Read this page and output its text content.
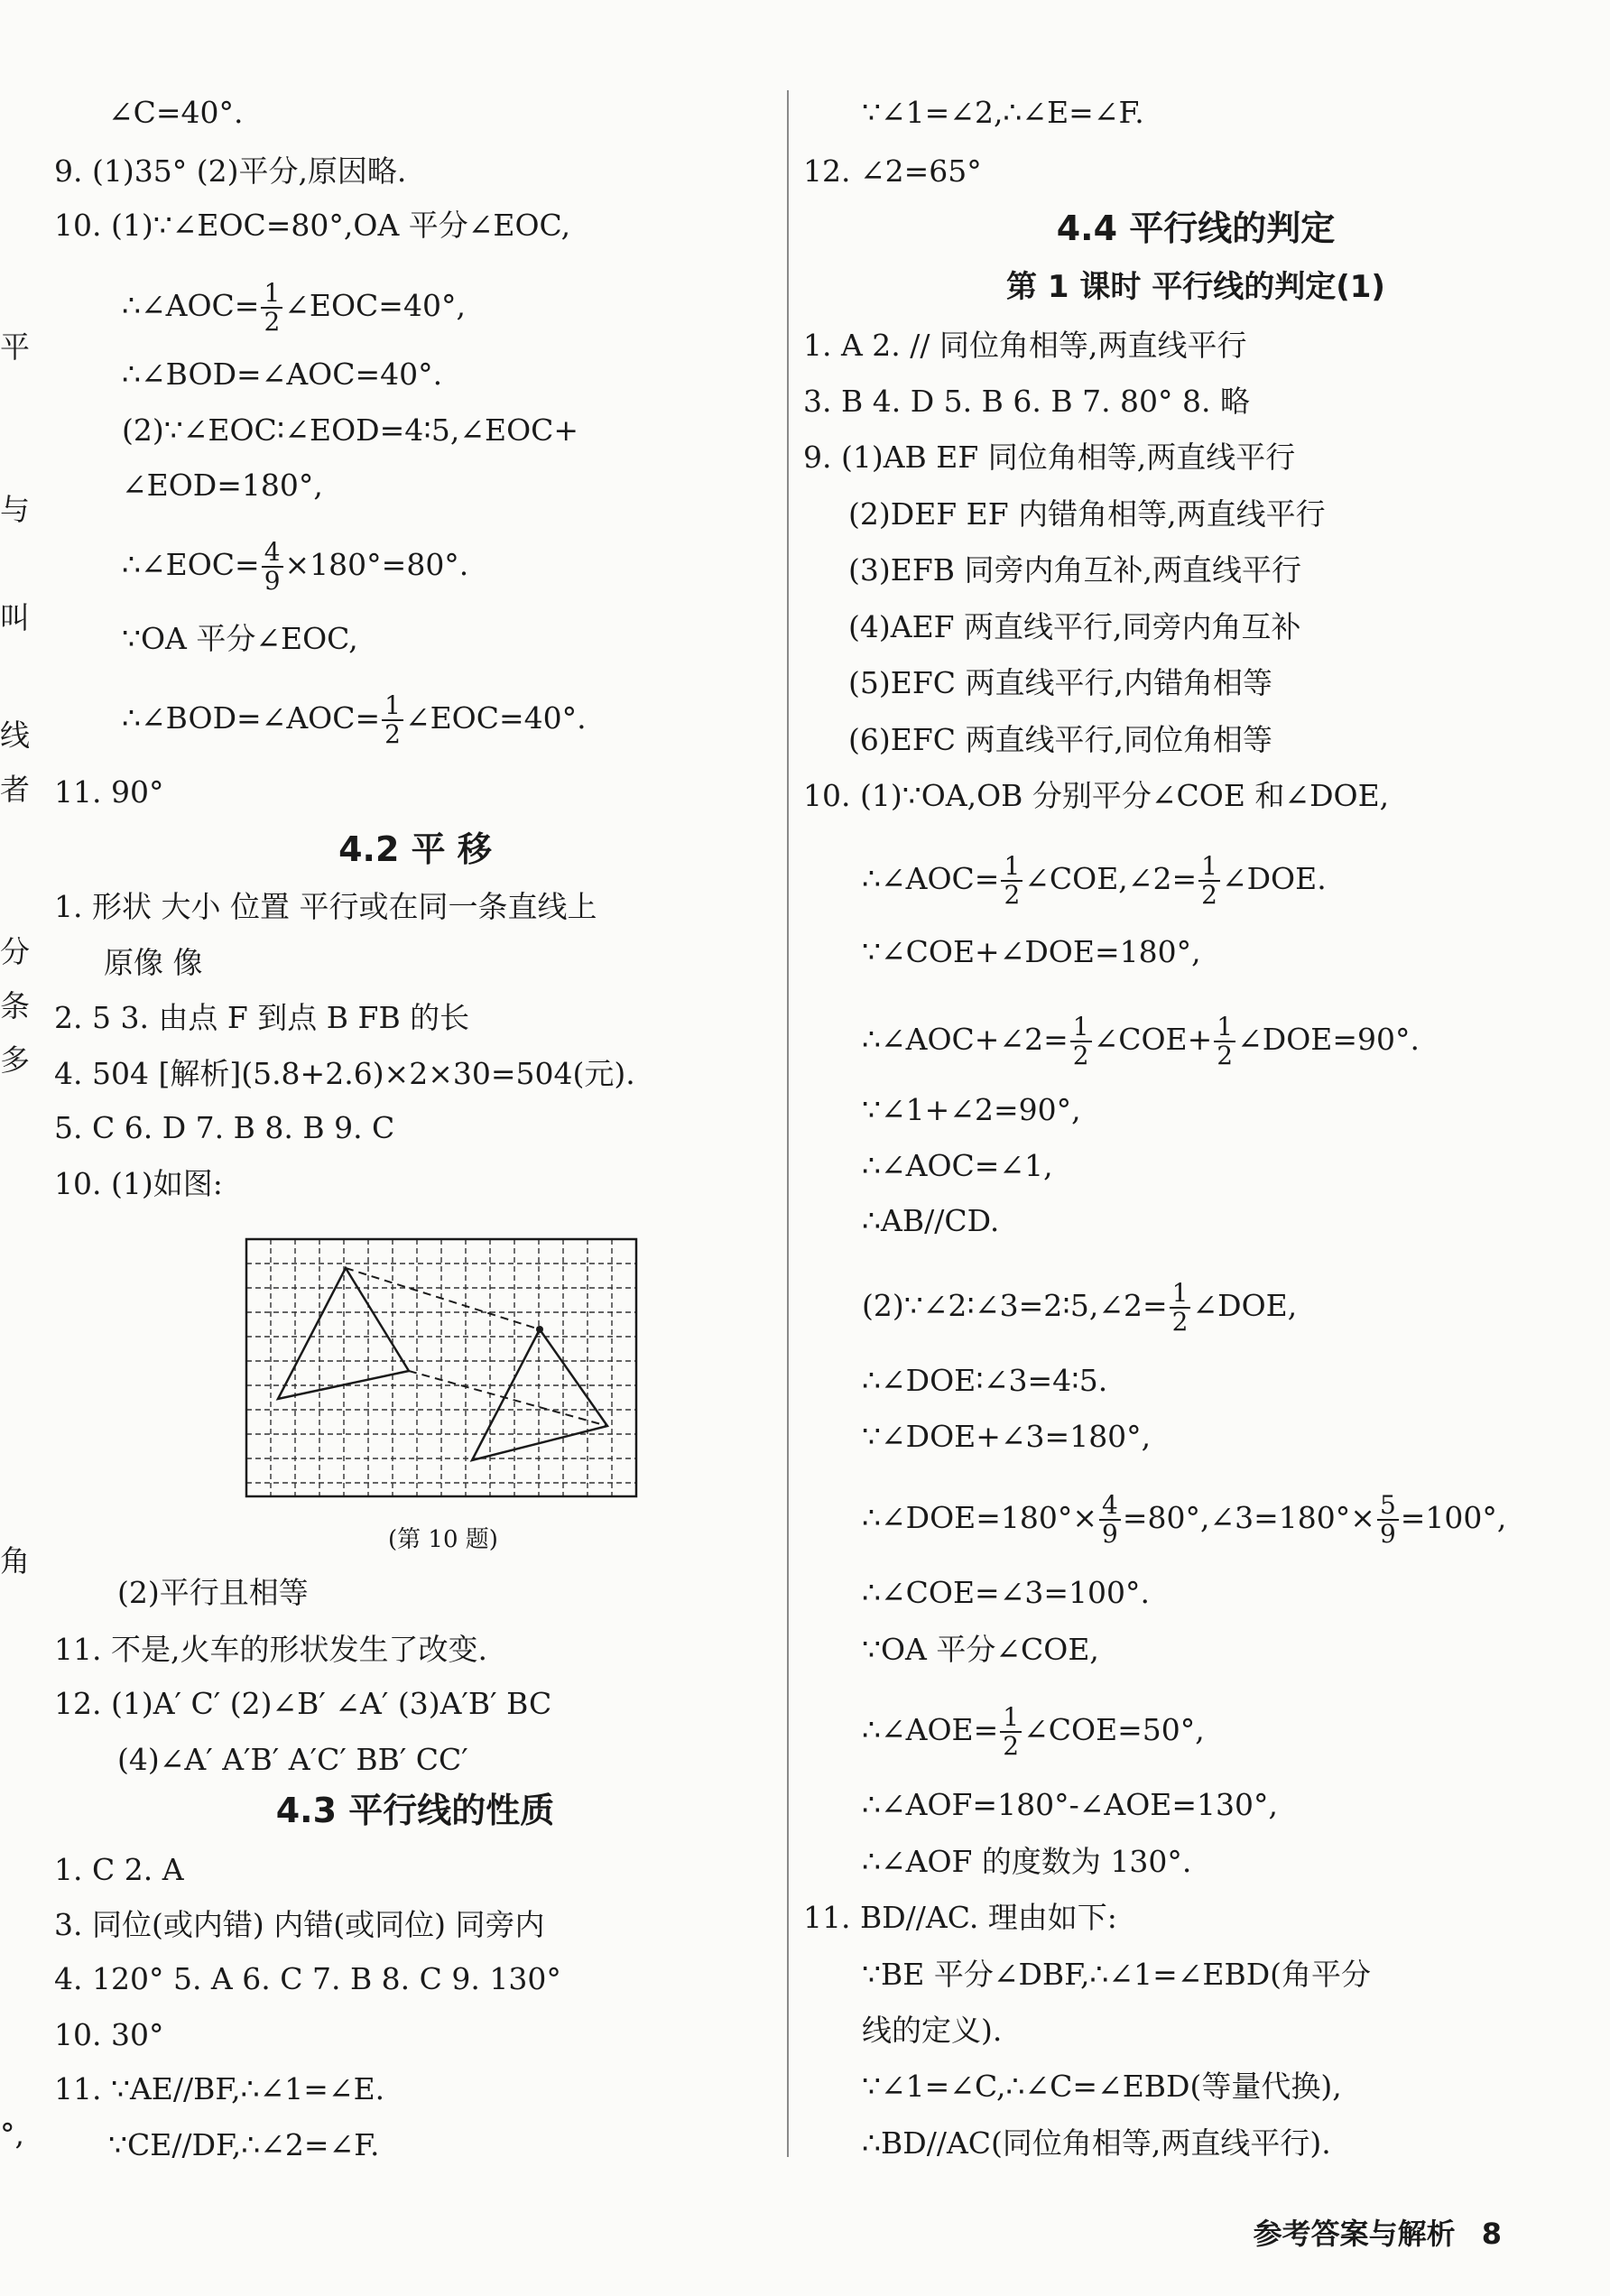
平
与
叫
线
者
分
条
多
角
°,
∠C=40°.
9. (1)35° (2)平分,原因略.
10. (1)∵∠EOC=80°,OA 平分∠EOC,
∴∠AOC= $\frac{1}{2}$ ∠EOC=40°,
∴∠BOD=∠AOC=40°.
(2)∵∠EOC∶∠EOD=4∶5,∠EOC+
∠EOD=180°,
∴∠EOC= $\frac{4}{9} \times 180^\circ=80^\circ$.
∵OA 平分∠EOC,
∴∠BOD=∠AOC= $\frac{1}{2}$ ∠EOC=40°.
11. 90°
4.2 平 移
1. 形状 大小 位置 平行或在同一条直线上
原像 像
2. 5 3. 由点 F 到点 B FB 的长
4. 504 [解析](5.8+2.6)×2×30=504(元).
5. C 6. D 7. B 8. B 9. C
10. (1)如图:
(2)平行且相等
11. 不是,火车的形状发生了改变.
12. (1)A′ C′ (2)∠B′ ∠A′ (3)A′B′ BC
(4)∠A′ A′B′ A′C′ BB′ CC′
4.3 平行线的性质
1. C 2. A
3. 同位(或内错) 内错(或同位) 同旁内
4. 120° 5. A 6. C 7. B 8. C 9. 130°
10. 30°
11. ∵AE//BF,∴∠1=∠E.
∵CE//DF,∴∠2=∠F.
(第 10 题)
∵∠1=∠2,∴∠E=∠F.
12. ∠2=65°
4.4 平行线的判定
第 1 课时 平行线的判定(1)
1. A 2. // 同位角相等,两直线平行
3. B 4. D 5. B 6. B 7. 80° 8. 略
9. (1)AB EF 同位角相等,两直线平行
(2)DEF EF 内错角相等,两直线平行
(3)EFB 同旁内角互补,两直线平行
(4)AEF 两直线平行,同旁内角互补
(5)EFC 两直线平行,内错角相等
(6)EFC 两直线平行,同位角相等
10. (1)∵OA,OB 分别平分∠COE 和∠DOE,
∴∠AOC= $\frac{1}{2}$ ∠COE,∠2= $\frac{1}{2}$ ∠DOE.
∵∠COE+∠DOE=180°,
∴∠AOC+∠2= $\frac{1}{2}$ ∠COE+ $\frac{1}{2}$ ∠DOE=90°.
∵∠1+∠2=90°,
∴∠AOC=∠1,
∴AB//CD.
(2)∵∠2∶∠3=2∶5,∠2= $\frac{1}{2}$ ∠DOE,
∴∠DOE∶∠3=4∶5.
∵∠DOE+∠3=180°,
∴∠DOE=180°× $\frac{4}{9}$ =80°,∠3=180°× $\frac{5}{9} =100^\circ$,
∴∠COE=∠3=100°.
∵OA 平分∠COE,
∴∠AOE= $\frac{1}{2}$ ∠COE=50°,
∴∠AOF=180°-∠AOE=130°,
∴∠AOF 的度数为 130°.
11. BD//AC. 理由如下:
∵BE 平分∠DBF,∴∠1=∠EBD(角平分
线的定义).
∵∠1=∠C,∴∠C=∠EBD(等量代换),
∴BD//AC(同位角相等,两直线平行).
参考答案与解析 8
